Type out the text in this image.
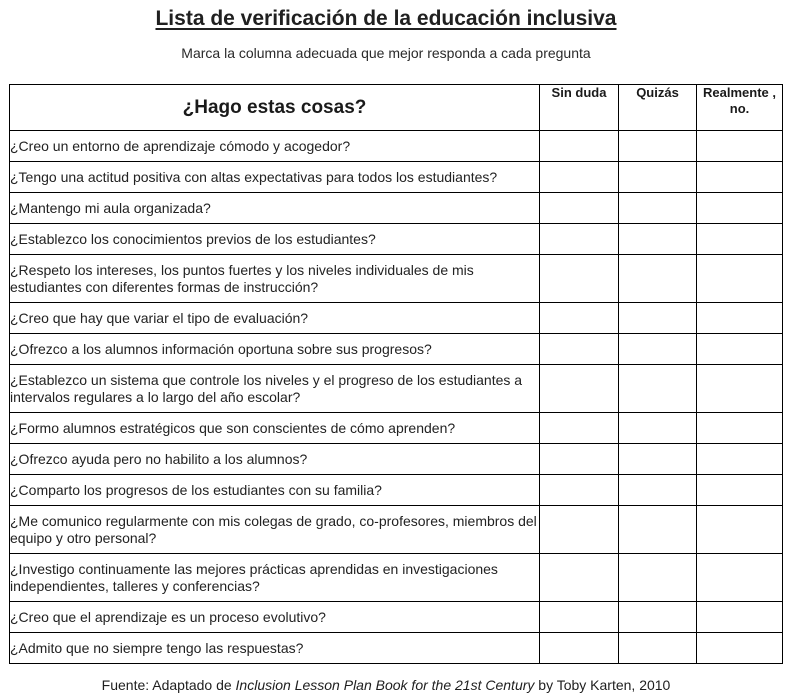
Lista de verificación de la educación inclusiva
Marca la columna adecuada que mejor responda a cada pregunta
¿Hago estas cosas?	Sin duda	Quizás	Realmente , no.
¿Creo un entorno de aprendizaje cómodo y acogedor?			
¿Tengo una actitud positiva con altas expectativas para todos los estudiantes?			
¿Mantengo mi aula organizada?			
¿Establezco los conocimientos previos de los estudiantes?			
¿Respeto los intereses, los puntos fuertes y los niveles individuales de mis estudiantes con diferentes formas de instrucción?			
¿Creo que hay que variar el tipo de evaluación?			
¿Ofrezco a los alumnos información oportuna sobre sus progresos?			
¿Establezco un sistema que controle los niveles y el progreso de los estudiantes a intervalos regulares a lo largo del año escolar?			
¿Formo alumnos estratégicos que son conscientes de cómo aprenden?			
¿Ofrezco ayuda pero no habilito a los alumnos?			
¿Comparto los progresos de los estudiantes con su familia?			
¿Me comunico regularmente con mis colegas de grado, co-profesores, miembros del equipo y otro personal?			
¿Investigo continuamente las mejores prácticas aprendidas en investigaciones independientes, talleres y conferencias?			
¿Creo que el aprendizaje es un proceso evolutivo?			
¿Admito que no siempre tengo las respuestas?			
Fuente: Adaptado de Inclusion Lesson Plan Book for the 21st Century by Toby Karten, 2010
